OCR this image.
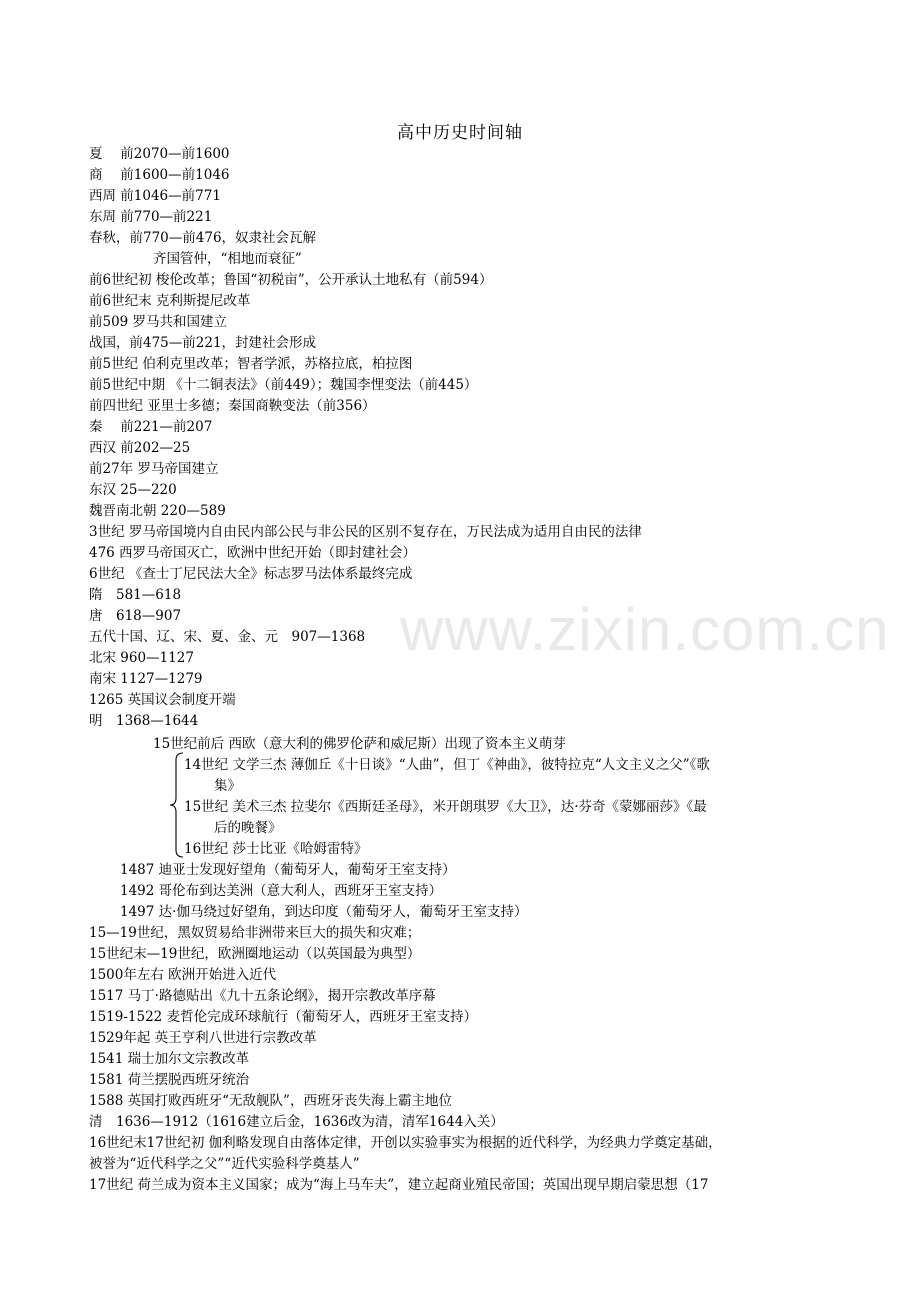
www.zixin.com.cn
高中历史时间轴
夏　 前2070—前1600
商　 前1600—前1046
西周 前1046—前771
东周 前770—前221
春秋，前770—前476，奴隶社会瓦解
齐国管仲，“相地而衰征”
前6世纪初 梭伦改革；鲁国“初税亩”，公开承认土地私有（前594）
前6世纪末 克利斯提尼改革
前509 罗马共和国建立
战国，前475—前221，封建社会形成
前5世纪 伯利克里改革；智者学派，苏格拉底，柏拉图
前5世纪中期 《十二铜表法》（前449）；魏国李悝变法（前445）
前四世纪 亚里士多德；秦国商鞅变法（前356）
秦　 前221—前207
西汉 前202—25
前27年 罗马帝国建立
东汉 25—220
魏晋南北朝 220—589
3世纪 罗马帝国境内自由民内部公民与非公民的区别不复存在，万民法成为适用自由民的法律
476 西罗马帝国灭亡，欧洲中世纪开始（即封建社会）
6世纪 《查士丁尼民法大全》标志罗马法体系最终完成
隋　581—618
唐　618—907
五代十国、辽、宋、夏、金、元　907—1368
北宋 960—1127
南宋 1127—1279
1265 英国议会制度开端
明　1368—1644
15世纪前后 西欧（意大利的佛罗伦萨和威尼斯）出现了资本主义萌芽
14世纪 文学三杰 薄伽丘《十日谈》“人曲”，但丁《神曲》，彼特拉克“人文主义之父”《歌
集》
15世纪 美术三杰 拉斐尔《西斯廷圣母》，米开朗琪罗《大卫》，达·芬奇《蒙娜丽莎》《最
后的晚餐》
16世纪 莎士比亚《哈姆雷特》
1487 迪亚士发现好望角（葡萄牙人，葡萄牙王室支持）
1492 哥伦布到达美洲（意大利人，西班牙王室支持）
1497 达·伽马绕过好望角，到达印度（葡萄牙人，葡萄牙王室支持）
15—19世纪，黑奴贸易给非洲带来巨大的损失和灾难；
15世纪末—19世纪，欧洲圈地运动（以英国最为典型）
1500年左右 欧洲开始进入近代
1517 马丁·路德贴出《九十五条论纲》，揭开宗教改革序幕
1519-1522 麦哲伦完成环球航行（葡萄牙人，西班牙王室支持）
1529年起 英王亨利八世进行宗教改革
1541 瑞士加尔文宗教改革
1581 荷兰摆脱西班牙统治
1588 英国打败西班牙“无敌舰队”，西班牙丧失海上霸主地位
清　1636—1912（1616建立后金，1636改为清，清军1644入关）
16世纪末17世纪初 伽利略发现自由落体定律，开创以实验事实为根据的近代科学，为经典力学奠定基础，
被誉为“近代科学之父”“近代实验科学奠基人”
17世纪 荷兰成为资本主义国家；成为“海上马车夫”，建立起商业殖民帝国；英国出现早期启蒙思想（17
